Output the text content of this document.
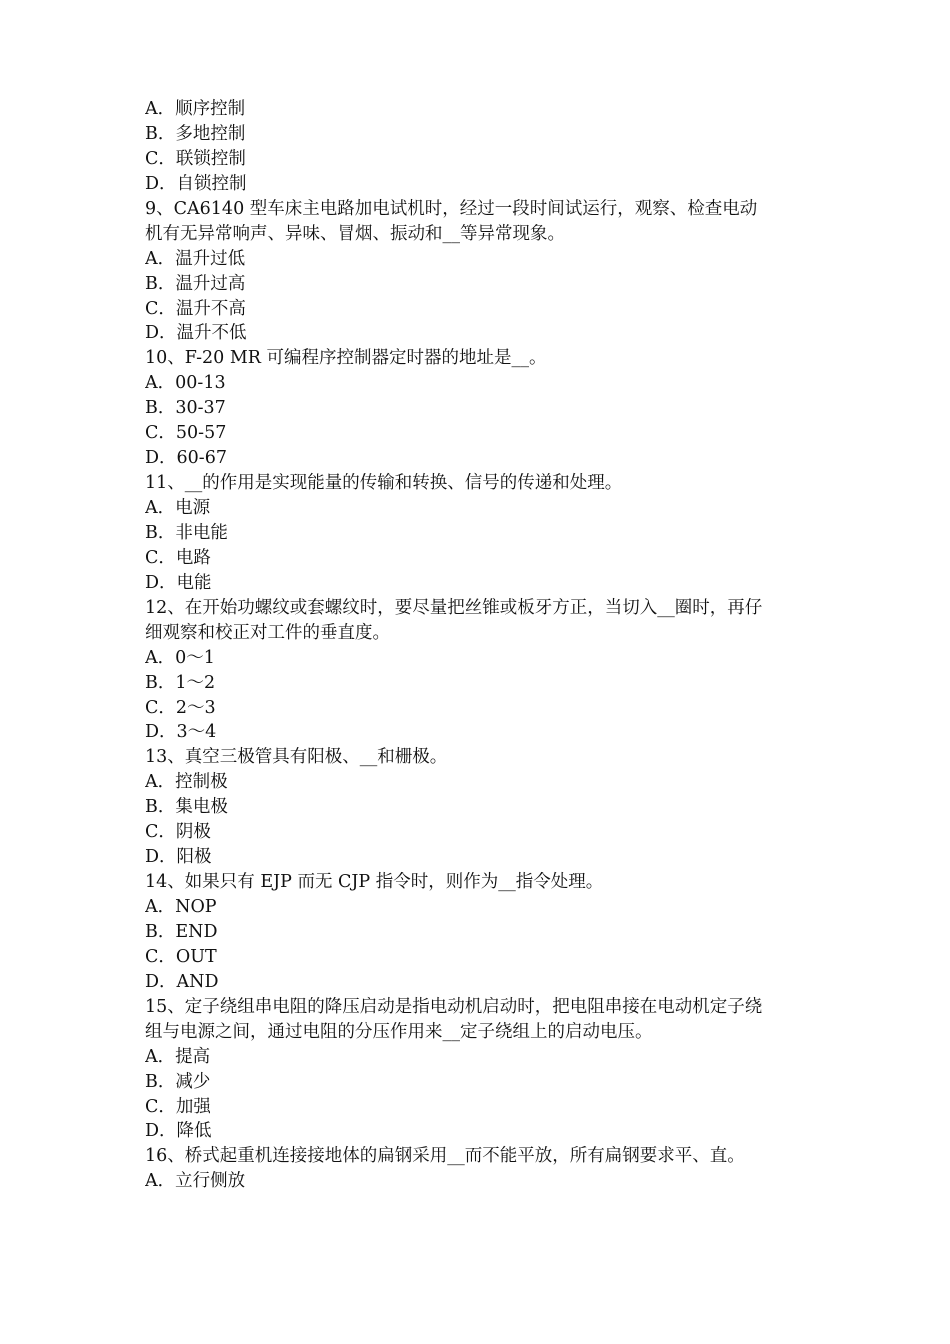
A．顺序控制
B．多地控制
C．联锁控制
D．自锁控制
9、CA6140 型车床主电路加电试机时，经过一段时间试运行，观察、检查电动
机有无异常响声、异味、冒烟、振动和__等异常现象。
A．温升过低
B．温升过高
C．温升不高
D．温升不低
10、F-20 MR 可编程序控制器定时器的地址是__。
A．00-13
B．30-37
C．50-57
D．60-67
11、__的作用是实现能量的传输和转换、信号的传递和处理。
A．电源
B．非电能
C．电路
D．电能
12、在开始功螺纹或套螺纹时，要尽量把丝锥或板牙方正，当切入__圈时，再仔
细观察和校正对工件的垂直度。
A．0～1
B．1～2
C．2～3
D．3～4
13、真空三极管具有阳极、__和栅极。
A．控制极
B．集电极
C．阴极
D．阳极
14、如果只有 EJP 而无 CJP 指令时，则作为__指令处理。
A．NOP
B．END
C．OUT
D．AND
15、定子绕组串电阻的降压启动是指电动机启动时，把电阻串接在电动机定子绕
组与电源之间，通过电阻的分压作用来__定子绕组上的启动电压。
A．提高
B．减少
C．加强
D．降低
16、桥式起重机连接接地体的扁钢采用__而不能平放，所有扁钢要求平、直。
A．立行侧放
